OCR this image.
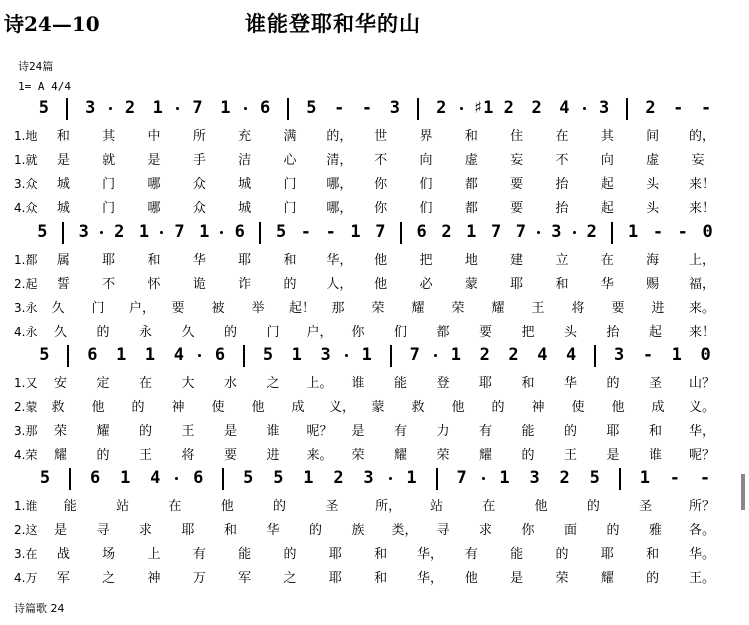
诗24—10	谁能登耶和华的山
诗24篇
1= A 4/4
5 3 2 1 7 1 6 5 - - 3 2 ♯1 2 2 4 3 2 - -
1.地 和 其 中 所 充 满 的， 世 界 和 住 在 其 间 的，
1.就 是 就 是 手 洁 心 清， 不 向 虚 妄 不 向 虚 妄
3.众 城 门 哪 众 城 门 哪， 你 们 都 要 抬 起 头 来！
4.众 城 门 哪 众 城 门 哪， 你 们 都 要 抬 起 头 来！
5 3 2 1 7 1 6 5 - - 1 7 6 2 1 7 7 3 2 1 - - 0
1.都 属 耶 和 华 耶 和 华， 他 把 地 建 立 在 海 上，
2.起 誓 不 怀 诡 诈 的 人， 他 必 蒙 耶 和 华 赐 福，
3.永 久 门 户， 要 被 举 起！ 那 荣 耀 荣 耀 王 将 要 进 来。
4.永 久 的 永 久 的 门 户， 你 们 都 要 把 头 抬 起 来！
5 6 1 1 4 6 5 1 3 1 7 1 2 2 4 4 3 - 1 0
1.又 安 定 在 大 水 之 上。 谁 能 登 耶 和 华 的 圣 山？
2.蒙 救 他 的 神 使 他 成 义， 蒙 救 他 的 神 使 他 成 义。
3.那 荣 耀 的 王 是 谁 呢？ 是 有 力 有 能 的 耶 和 华，
4.荣 耀 的 王 将 要 进 来。 荣 耀 荣 耀 的 王 是 谁 呢？
5 6 1 4 6 5 5 1 2 3 1 7 1 3 2 5 1 - -
1.谁 能	站	在	他	的	圣	所， 站	在	他	的	圣	所？
2.这 是 寻 求 耶 和 华 的 族 类， 寻 求 你 面 的 雅 各。
3.在 战 场 上 有 能 的 耶 和 华， 有 能 的 耶 和 华。
4.万 军 之 神 万 军 之 耶 和 华， 他 是 荣 耀 的 王。
诗篇歌 24
